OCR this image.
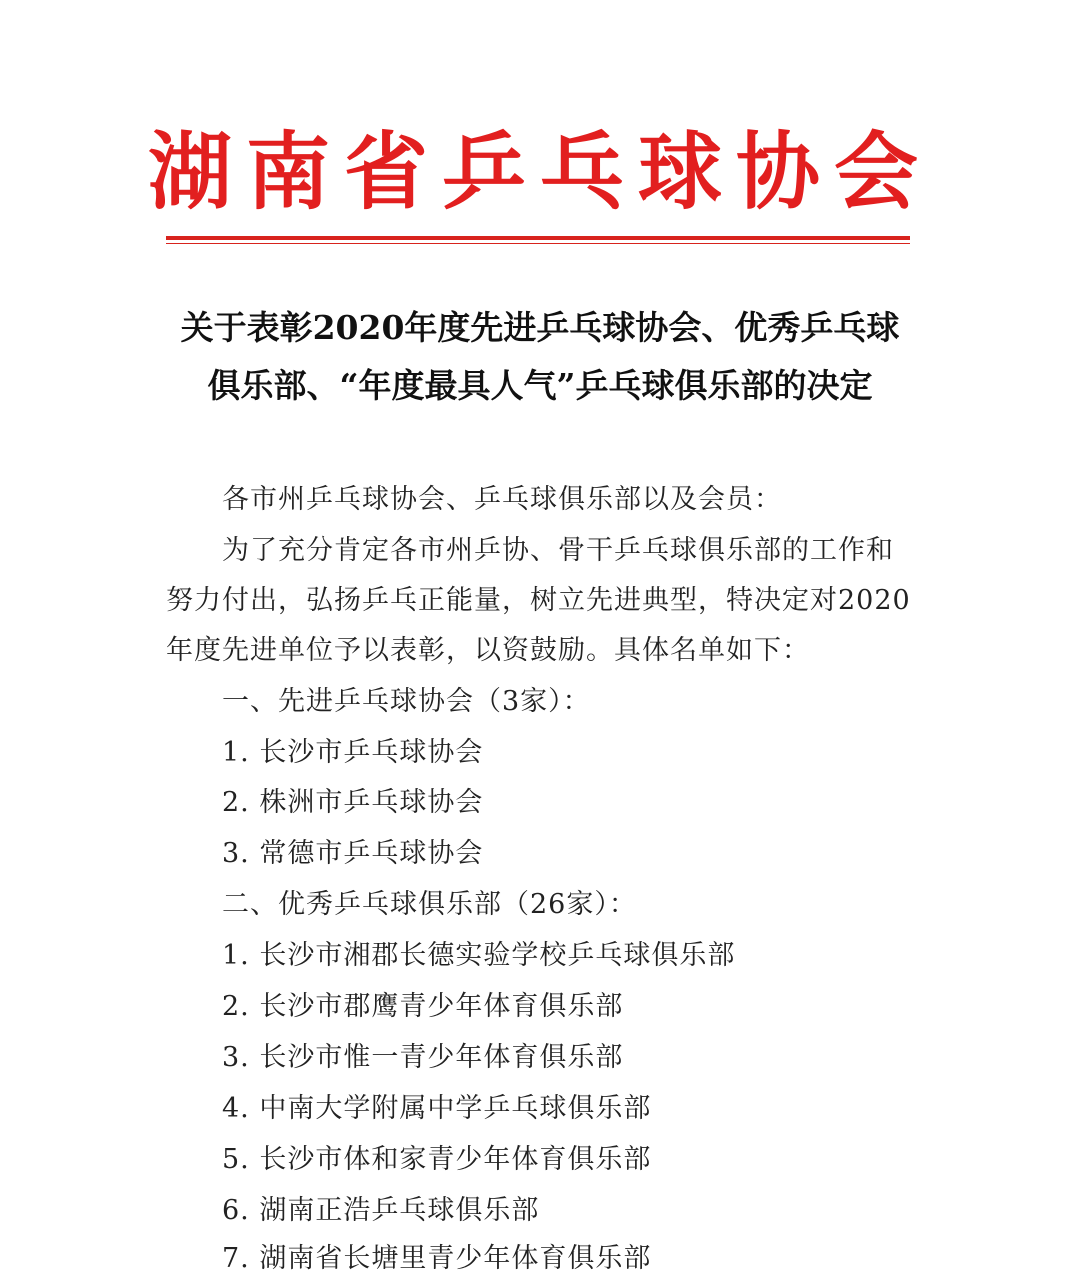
湖南省乒乓球协会
关于表彰2020年度先进乒乓球协会、优秀乒乓球
俱乐部、“年度最具人气”乒乓球俱乐部的决定
各市州乒乓球协会、乒乓球俱乐部以及会员：
为了充分肯定各市州乒协、骨干乒乓球俱乐部的工作和
努力付出，弘扬乒乓正能量，树立先进典型，特决定对2020
年度先进单位予以表彰，以资鼓励。具体名单如下：
一、先进乒乓球协会（3家）：
1. 长沙市乒乓球协会
2. 株洲市乒乓球协会
3. 常德市乒乓球协会
二、优秀乒乓球俱乐部（26家）：
1. 长沙市湘郡长德实验学校乒乓球俱乐部
2. 长沙市郡鹰青少年体育俱乐部
3. 长沙市惟一青少年体育俱乐部
4. 中南大学附属中学乒乓球俱乐部
5. 长沙市体和家青少年体育俱乐部
6. 湖南正浩乒乓球俱乐部
7. 湖南省长塘里青少年体育俱乐部
